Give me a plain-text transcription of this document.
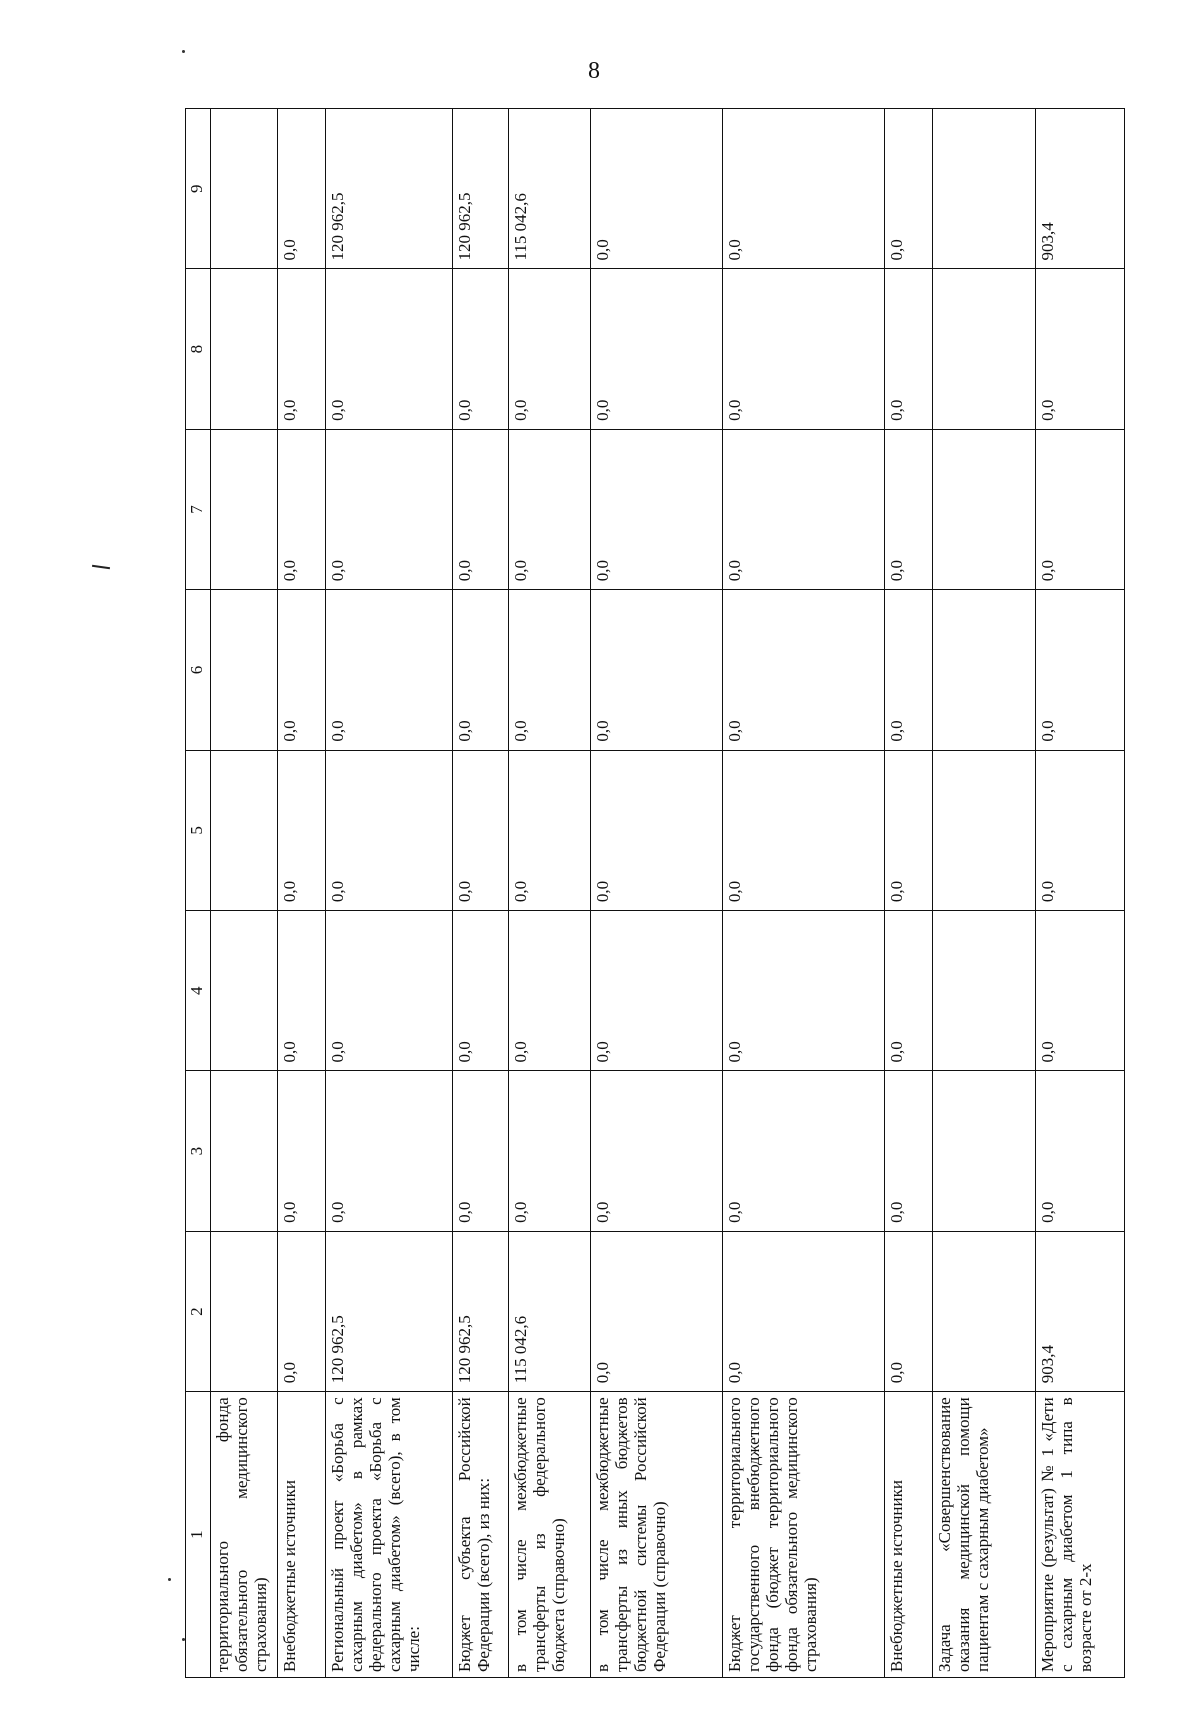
8
1	2	3	4	5	6	7	8	9
территориального фонда обязательного медицинского страхования)								
Внебюджетные источники	0,0	0,0	0,0	0,0	0,0	0,0	0,0	0,0
Региональный проект «Борьба с сахарным диабетом» в рамках федерального проекта «Борьба с сахарным диабетом» (всего), в том числе:	120 962,5	0,0	0,0	0,0	0,0	0,0	0,0	120 962,5
Бюджет субъекта Российской Федерации (всего), из них:	120 962,5	0,0	0,0	0,0	0,0	0,0	0,0	120 962,5
в том числе межбюджетные трансферты из федерального бюджета (справочно)	115 042,6	0,0	0,0	0,0	0,0	0,0	0,0	115 042,6
в том числе межбюджетные трансферты из иных бюджетов бюджетной системы Российской Федерации (справочно)	0,0	0,0	0,0	0,0	0,0	0,0	0,0	0,0
Бюджет территориального государственного внебюджетного фонда (бюджет территориального фонда обязательного медицинского страхования)	0,0	0,0	0,0	0,0	0,0	0,0	0,0	0,0
Внебюджетные источники	0,0	0,0	0,0	0,0	0,0	0,0	0,0	0,0
Задача «Совершенствование оказания медицинской помощи пациентам с сахарным диабетом»								
Мероприятие (результат) № 1 «Дети с сахарным диабетом 1 типа в возрасте от 2-х	903,4	0,0	0,0	0,0	0,0	0,0	0,0	903,4
